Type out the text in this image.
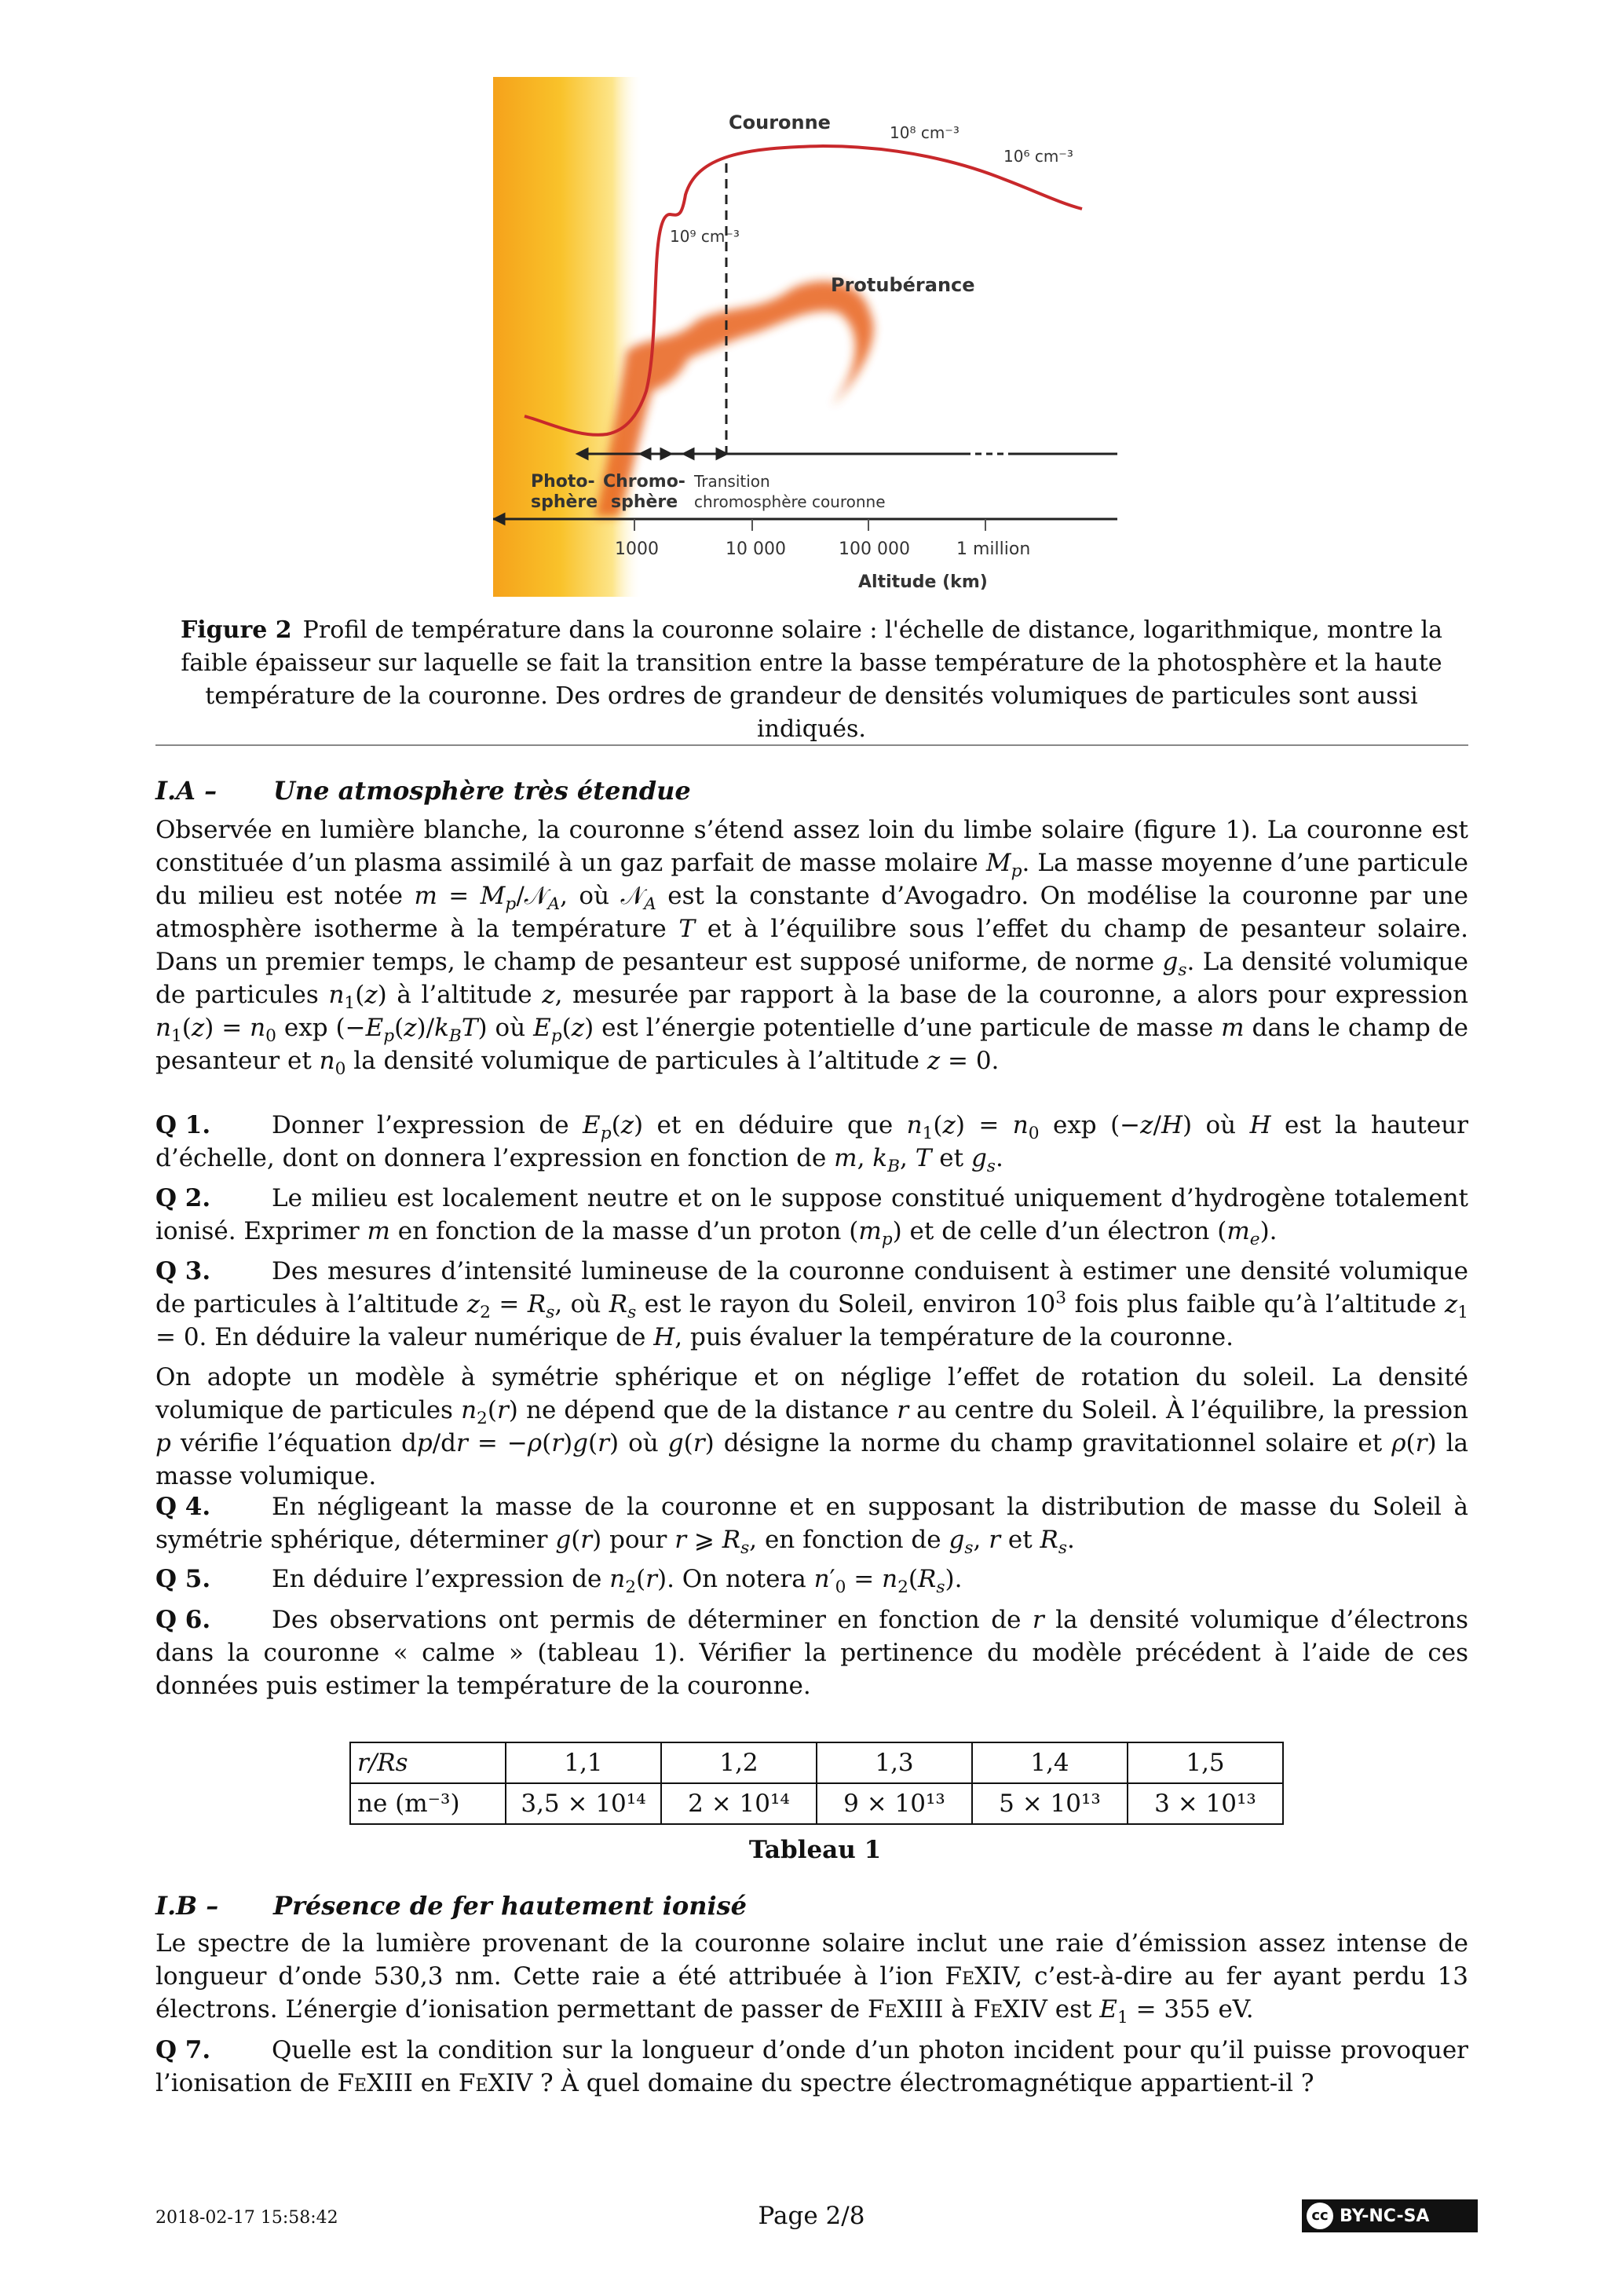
Couronne	10⁸ cm⁻³
10⁶ cm⁻³
10⁹ cm⁻³
Protubérance
Photo-
sphère
Chromo-
sphère
Transition
chromosphère couronne
1000	10 000	100 000	1 million
Altitude (km)
Figure 2 Profil de température dans la couronne solaire : l'échelle de distance, logarithmique, montre la faible épaisseur sur laquelle se fait la transition entre la basse température de la photosphère et la haute température de la couronne. Des ordres de grandeur de densités volumiques de particules sont aussi indiqués.
I.A – Une atmosphère très étendue
Observée en lumière blanche, la couronne s’étend assez loin du limbe solaire (figure 1). La couronne est constituée d’un plasma assimilé à un gaz parfait de masse molaire $M_p$. La masse moyenne d’une particule du milieu est notée $m = M_p/𝒩_A$, où 𝒩$_A$ est la constante d’Avogadro. On modélise la couronne par une atmosphère isotherme à la température T et à l’équilibre sous l’effet du champ de pesanteur solaire. Dans un premier temps, le champ de pesanteur est supposé uniforme, de norme $g_s$. La densité volumique de particules $n_1(z)$ à l’altitude z, mesurée par rapport à la base de la couronne, a alors pour expression $n_1(z) = n_0$ $\exp (-E_p(z)/k_BT)$ où $E_p(z)$ est l’énergie potentielle d’une particule de masse m dans le champ de pesanteur et $n_0$ la densité volumique de particules à l’altitude z = 0.
Q 1.	Donner l’expression de $E_p(z)$ et en déduire que $n_1(z) = n_0$ exp (−z/H) où H est la hauteur d’échelle, dont on donnera l’expression en fonction de m, $k_B$, T et $g_s$.
Q 2.	Le milieu est localement neutre et on le suppose constitué uniquement d’hydrogène totalement ionisé. Exprimer m en fonction de la masse d’un proton $(m_p)$ et de celle d’un électron $(m_e)$.
Q 3.	Des mesures d’intensité lumineuse de la couronne conduisent à estimer une densité volumique de particules à l’altitude $z_2 = R_s$, où $R_s$ est le rayon du Soleil, environ $10^3$ fois plus faible qu’à l’altitude $z_1 = 0$. En déduire la valeur numérique de H, puis évaluer la température de la couronne.
On adopte un modèle à symétrie sphérique et on néglige l’effet de rotation du soleil. La densité volumique de particules $n_2(r)$ ne dépend que de la distance r au centre du Soleil. À l’équilibre, la pression p vérifie l’équation dp/dr = −ρ(r)g(r) où g(r) désigne la norme du champ gravitationnel solaire et ρ(r) la masse volumique.
Q 4.	En négligeant la masse de la couronne et en supposant la distribution de masse du Soleil à symétrie sphérique, déterminer g(r) pour r ⩾ $R_s$, en fonction de $g_s$, r et $R_s$.
Q 5.	En déduire l’expression de $n_2(r)$. On notera $n'_0 = n_2(R_s)$.
Q 6.	Des observations ont permis de déterminer en fonction de r la densité volumique d’électrons dans la couronne « calme » (tableau 1). Vérifier la pertinence du modèle précédent à l’aide de ces données puis estimer la température de la couronne.
r/Rs	1,1	1,2	1,3	1,4	1,5
ne (m⁻³)	3,5 × 10¹⁴	2 × 10¹⁴	9 × 10¹³	5 × 10¹³	3 × 10¹³
Tableau 1
I.B – Présence de fer hautement ionisé
Le spectre de la lumière provenant de la couronne solaire inclut une raie d’émission assez intense de longueur d’onde 530,3 nm. Cette raie a été attribuée à l’ion FeXIV, c’est-à-dire au fer ayant perdu 13 électrons. L’énergie d’ionisation permettant de passer de FeXIII à FeXIV est $E_1 = 355$ eV.
Q 7.	Quelle est la condition sur la longueur d’onde d’un photon incident pour qu’il puisse provoquer l’ionisation de FeXIII en FeXIV ? À quel domaine du spectre électromagnétique appartient-il ?
2018-02-17 15:58:42	Page 2/8	cc BY-NC-SA
